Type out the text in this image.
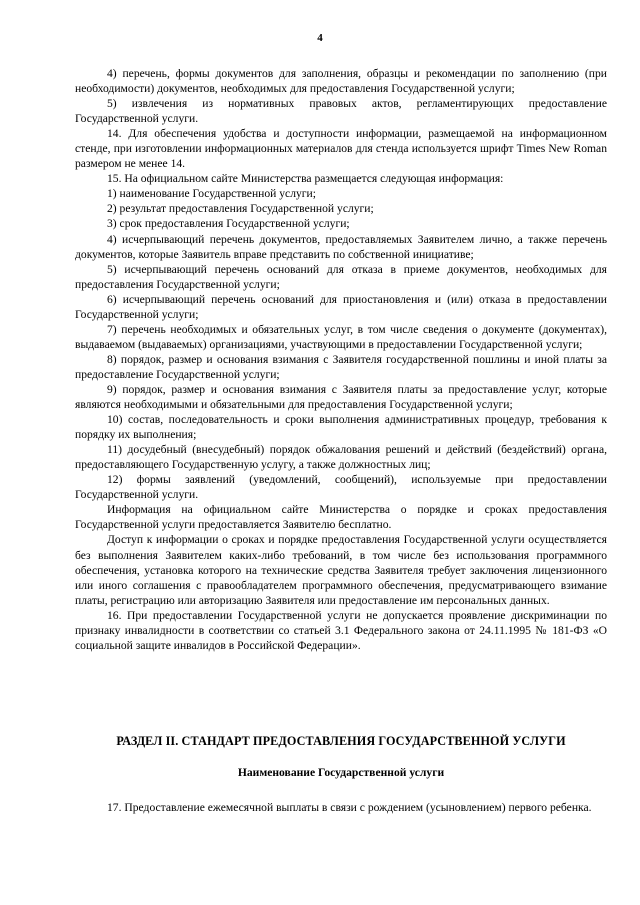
4

4) перечень, формы документов для заполнения, образцы и рекомендации по заполнению (при необходимости) документов, необходимых для предоставления Государственной услуги;

5) извлечения из нормативных правовых актов, регламентирующих предоставление Государственной услуги.

14. Для обеспечения удобства и доступности информации, размещаемой на информационном стенде, при изготовлении информационных материалов для стенда используется шрифт Times New Roman размером не менее 14.

15. На официальном сайте Министерства размещается следующая информация:

1) наименование Государственной услуги;

2) результат предоставления Государственной услуги;

3) срок предоставления Государственной услуги;

4) исчерпывающий перечень документов, предоставляемых Заявителем лично, а также перечень документов, которые Заявитель вправе представить по собственной инициативе;

5) исчерпывающий перечень оснований для отказа в приеме документов, необходимых для предоставления Государственной услуги;

6) исчерпывающий перечень оснований для приостановления и (или) отказа в предоставлении Государственной услуги;

7) перечень необходимых и обязательных услуг, в том числе сведения о документе (документах), выдаваемом (выдаваемых) организациями, участвующими в предоставлении Государственной услуги;

8) порядок, размер и основания взимания с Заявителя государственной пошлины и иной платы за предоставление Государственной услуги;

9) порядок, размер и основания взимания с Заявителя платы за предоставление услуг, которые являются необходимыми и обязательными для предоставления Государственной услуги;

10) состав, последовательность и сроки выполнения административных процедур, требования к порядку их выполнения;

11) досудебный (внесудебный) порядок обжалования решений и действий (бездействий) органа, предоставляющего Государственную услугу, а также должностных лиц;

12) формы заявлений (уведомлений, сообщений), используемые при предоставлении Государственной услуги.

Информация на официальном сайте Министерства о порядке и сроках предоставления Государственной услуги предоставляется Заявителю бесплатно.

Доступ к информации о сроках и порядке предоставления Государственной услуги осуществляется без выполнения Заявителем каких-либо требований, в том числе без использования программного обеспечения, установка которого на технические средства Заявителя требует заключения лицензионного или иного соглашения с правообладателем программного обеспечения, предусматривающего взимание платы, регистрацию или авторизацию Заявителя или предоставление им персональных данных.

16. При предоставлении Государственной услуги не допускается проявление дискриминации по признаку инвалидности в соответствии со статьей 3.1 Федерального закона от 24.11.1995 № 181-ФЗ «О социальной защите инвалидов в Российской Федерации».

РАЗДЕЛ II. СТАНДАРТ ПРЕДОСТАВЛЕНИЯ ГОСУДАРСТВЕННОЙ УСЛУГИ
Наименование Государственной услуги

17. Предоставление ежемесячной выплаты в связи с рождением (усыновлением) первого ребенка.
